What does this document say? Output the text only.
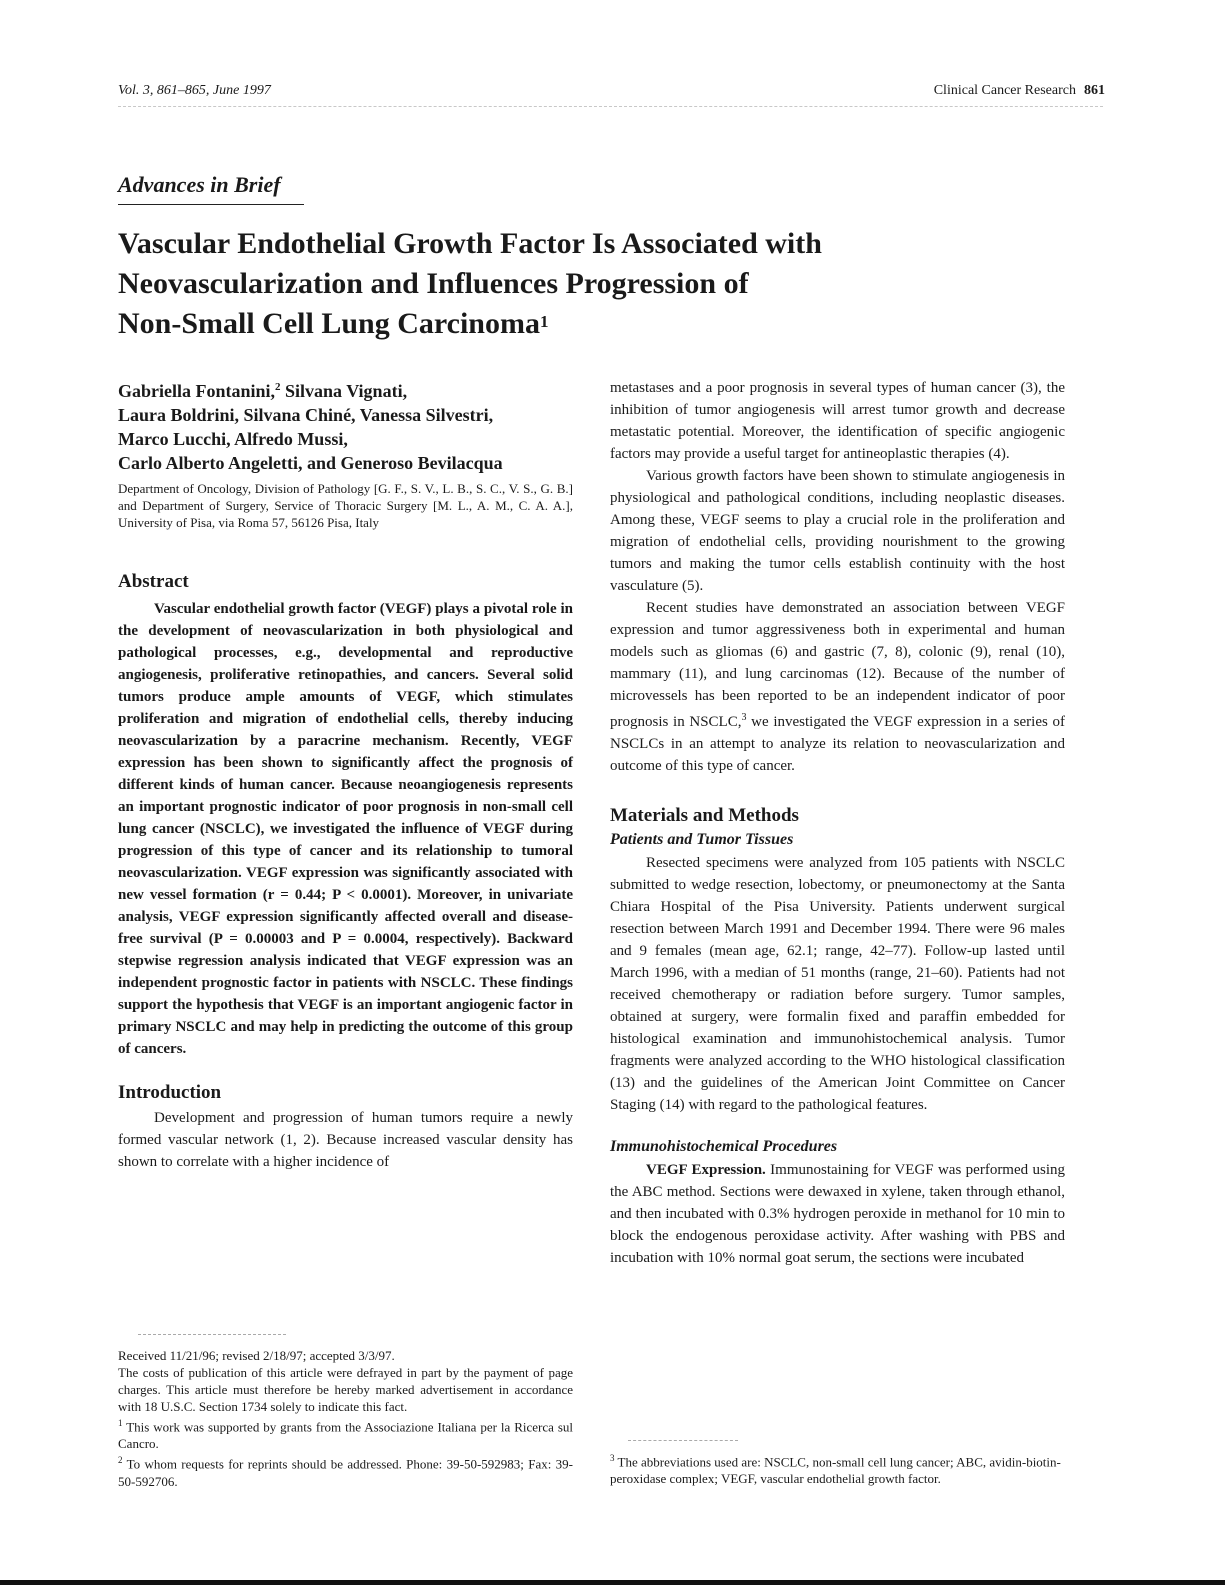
Vol. 3, 861–865, June 1997	Clinical Cancer Research 861
Advances in Brief
Vascular Endothelial Growth Factor Is Associated with
Neovascularization and Influences Progression of
Non-Small Cell Lung Carcinoma$^1$

Gabriella Fontanini,$^2$ Silvana Vignati,
Laura Boldrini, Silvana Chiné, Vanessa Silvestri,
Marco Lucchi, Alfredo Mussi,
Carlo Alberto Angeletti, and Generoso Bevilacqua

Department of Oncology, Division of Pathology [G. F., S. V., L. B., S. C., V. S., G. B.] and Department of Surgery, Service of Thoracic Surgery [M. L., A. M., C. A. A.], University of Pisa, via Roma 57, 56126 Pisa, Italy

Abstract

Vascular endothelial growth factor (VEGF) plays a pivotal role in the development of neovascularization in both physiological and pathological processes, e.g., developmental and reproductive angiogenesis, proliferative retinopathies, and cancers. Several solid tumors produce ample amounts of VEGF, which stimulates proliferation and migration of endothelial cells, thereby inducing neovascularization by a paracrine mechanism. Recently, VEGF expression has been shown to significantly affect the prognosis of different kinds of human cancer. Because neoangiogenesis represents an important prognostic indicator of poor prognosis in non-small cell lung cancer (NSCLC), we investigated the influence of VEGF during progression of this type of cancer and its relationship to tumoral neovascularization. VEGF expression was significantly associated with new vessel formation (r = 0.44; P < 0.0001). Moreover, in univariate analysis, VEGF expression significantly affected overall and disease-free survival (P = 0.00003 and P = 0.0004, respectively). Backward stepwise regression analysis indicated that VEGF expression was an independent prognostic factor in patients with NSCLC. These findings support the hypothesis that VEGF is an important angiogenic factor in primary NSCLC and may help in predicting the outcome of this group of cancers.

Introduction

Development and progression of human tumors require a newly formed vascular network (1, 2). Because increased vascular density has shown to correlate with a higher incidence of

Received 11/21/96; revised 2/18/97; accepted 3/3/97.

The costs of publication of this article were defrayed in part by the payment of page charges. This article must therefore be hereby marked advertisement in accordance with 18 U.S.C. Section 1734 solely to indicate this fact.

$^1$ This work was supported by grants from the Associazione Italiana per la Ricerca sul Cancro.

$^2$ To whom requests for reprints should be addressed. Phone: 39-50-592983; Fax: 39-50-592706.

metastases and a poor prognosis in several types of human cancer (3), the inhibition of tumor angiogenesis will arrest tumor growth and decrease metastatic potential. Moreover, the identification of specific angiogenic factors may provide a useful target for antineoplastic therapies (4).

Various growth factors have been shown to stimulate angiogenesis in physiological and pathological conditions, including neoplastic diseases. Among these, VEGF seems to play a crucial role in the proliferation and migration of endothelial cells, providing nourishment to the growing tumors and making the tumor cells establish continuity with the host vasculature (5).

Recent studies have demonstrated an association between VEGF expression and tumor aggressiveness both in experimental and human models such as gliomas (6) and gastric (7, 8), colonic (9), renal (10), mammary (11), and lung carcinomas (12). Because of the number of microvessels has been reported to be an independent indicator of poor prognosis in NSCLC,$^3$ we investigated the VEGF expression in a series of NSCLCs in an attempt to analyze its relation to neovascularization and outcome of this type of cancer.

Materials and Methods
Patients and Tumor Tissues

Resected specimens were analyzed from 105 patients with NSCLC submitted to wedge resection, lobectomy, or pneumonectomy at the Santa Chiara Hospital of the Pisa University. Patients underwent surgical resection between March 1991 and December 1994. There were 96 males and 9 females (mean age, 62.1; range, 42–77). Follow-up lasted until March 1996, with a median of 51 months (range, 21–60). Patients had not received chemotherapy or radiation before surgery. Tumor samples, obtained at surgery, were formalin fixed and paraffin embedded for histological examination and immunohistochemical analysis. Tumor fragments were analyzed according to the WHO histological classification (13) and the guidelines of the American Joint Committee on Cancer Staging (14) with regard to the pathological features.

Immunohistochemical Procedures

VEGF Expression. Immunostaining for VEGF was performed using the ABC method. Sections were dewaxed in xylene, taken through ethanol, and then incubated with 0.3% hydrogen peroxide in methanol for 10 min to block the endogenous peroxidase activity. After washing with PBS and incubation with 10% normal goat serum, the sections were incubated

$^3$ The abbreviations used are: NSCLC, non-small cell lung cancer; ABC, avidin-biotin-peroxidase complex; VEGF, vascular endothelial growth factor.
